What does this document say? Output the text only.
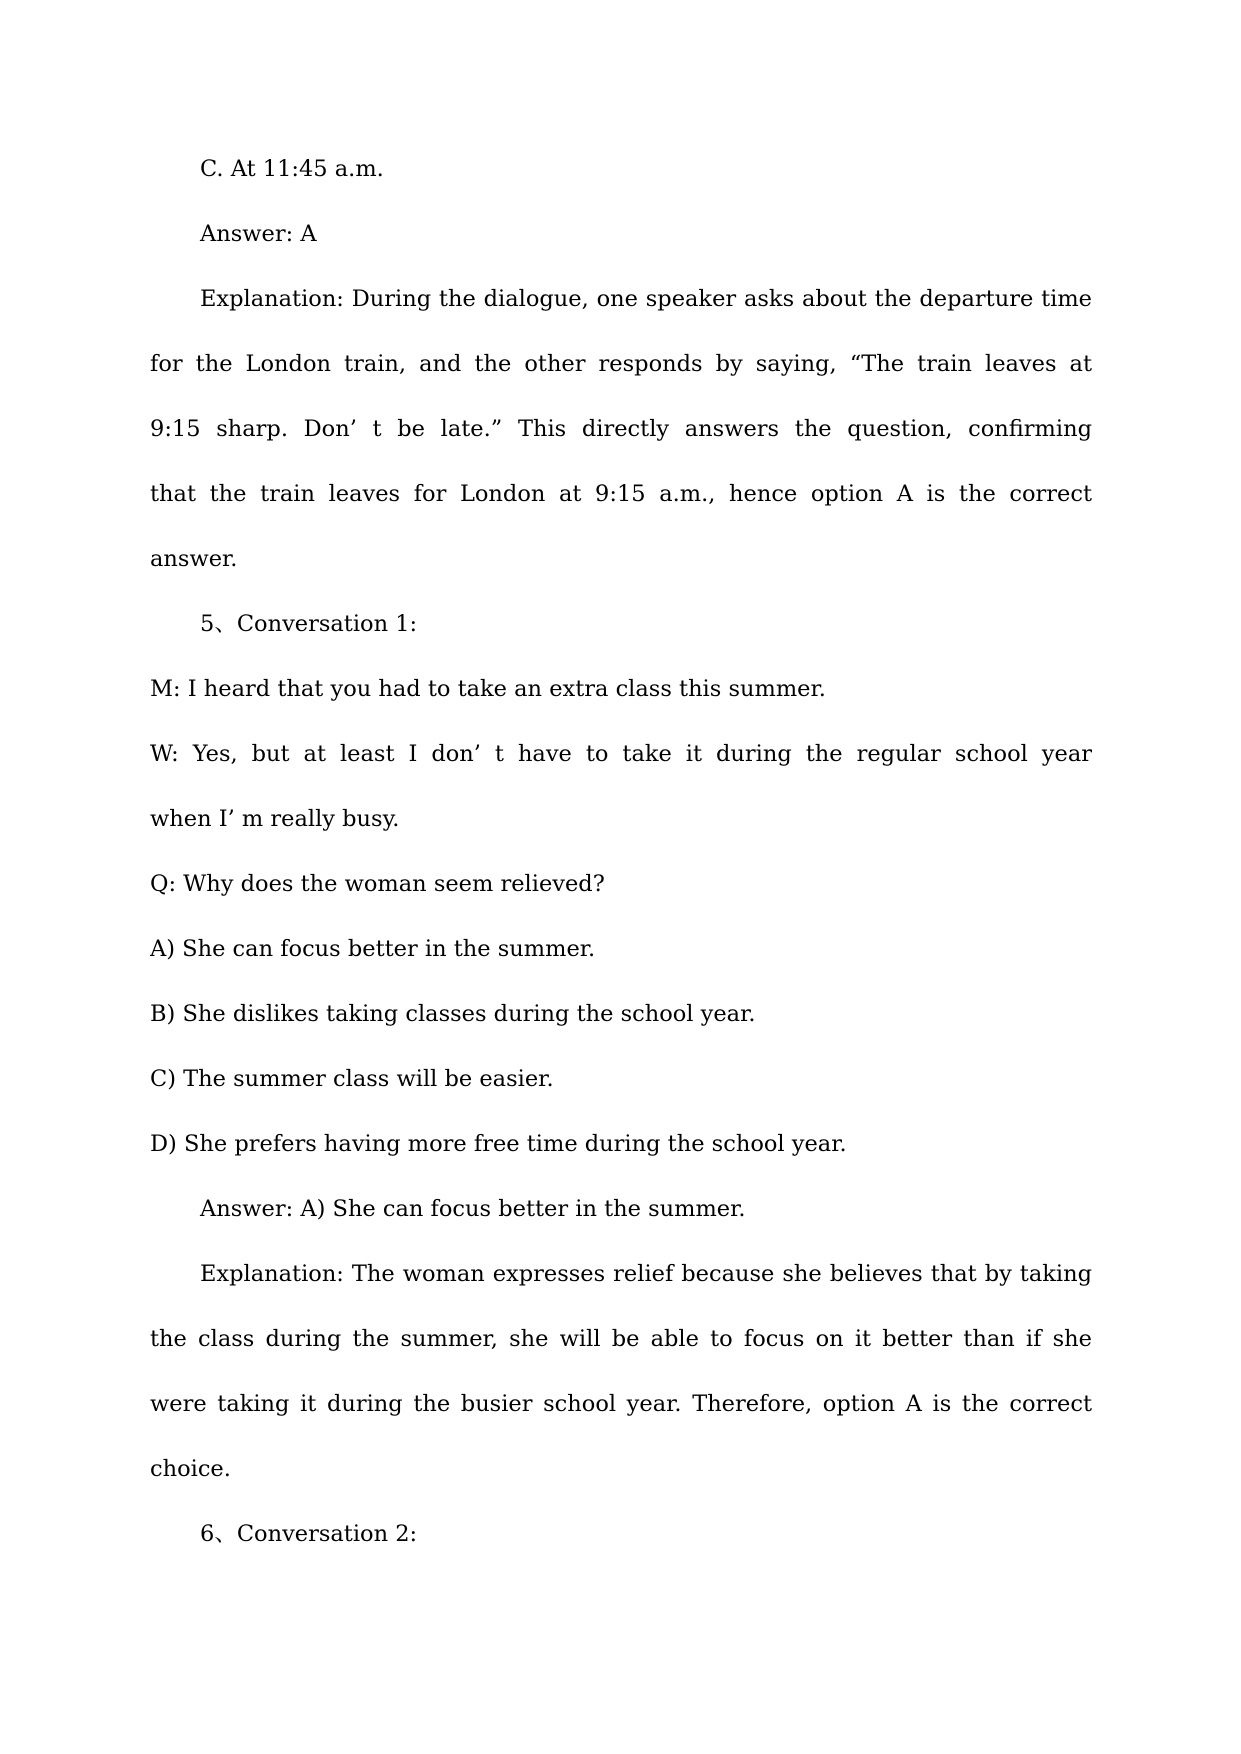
C. At 11:45 a.m.
Answer: A
Explanation: During the dialogue, one speaker asks about the departure time
for the London train, and the other responds by saying, “The train leaves at
9:15 sharp. Don’ t be late.” This directly answers the question, confirming
that the train leaves for London at 9:15 a.m., hence option A is the correct
answer.
5、Conversation 1:
M: I heard that you had to take an extra class this summer.
W: Yes, but at least I don’ t have to take it during the regular school year
when I’ m really busy.
Q: Why does the woman seem relieved?
A) She can focus better in the summer.
B) She dislikes taking classes during the school year.
C) The summer class will be easier.
D) She prefers having more free time during the school year.
Answer: A) She can focus better in the summer.
Explanation: The woman expresses relief because she believes that by taking
the class during the summer, she will be able to focus on it better than if she
were taking it during the busier school year. Therefore, option A is the correct
choice.
6、Conversation 2:
